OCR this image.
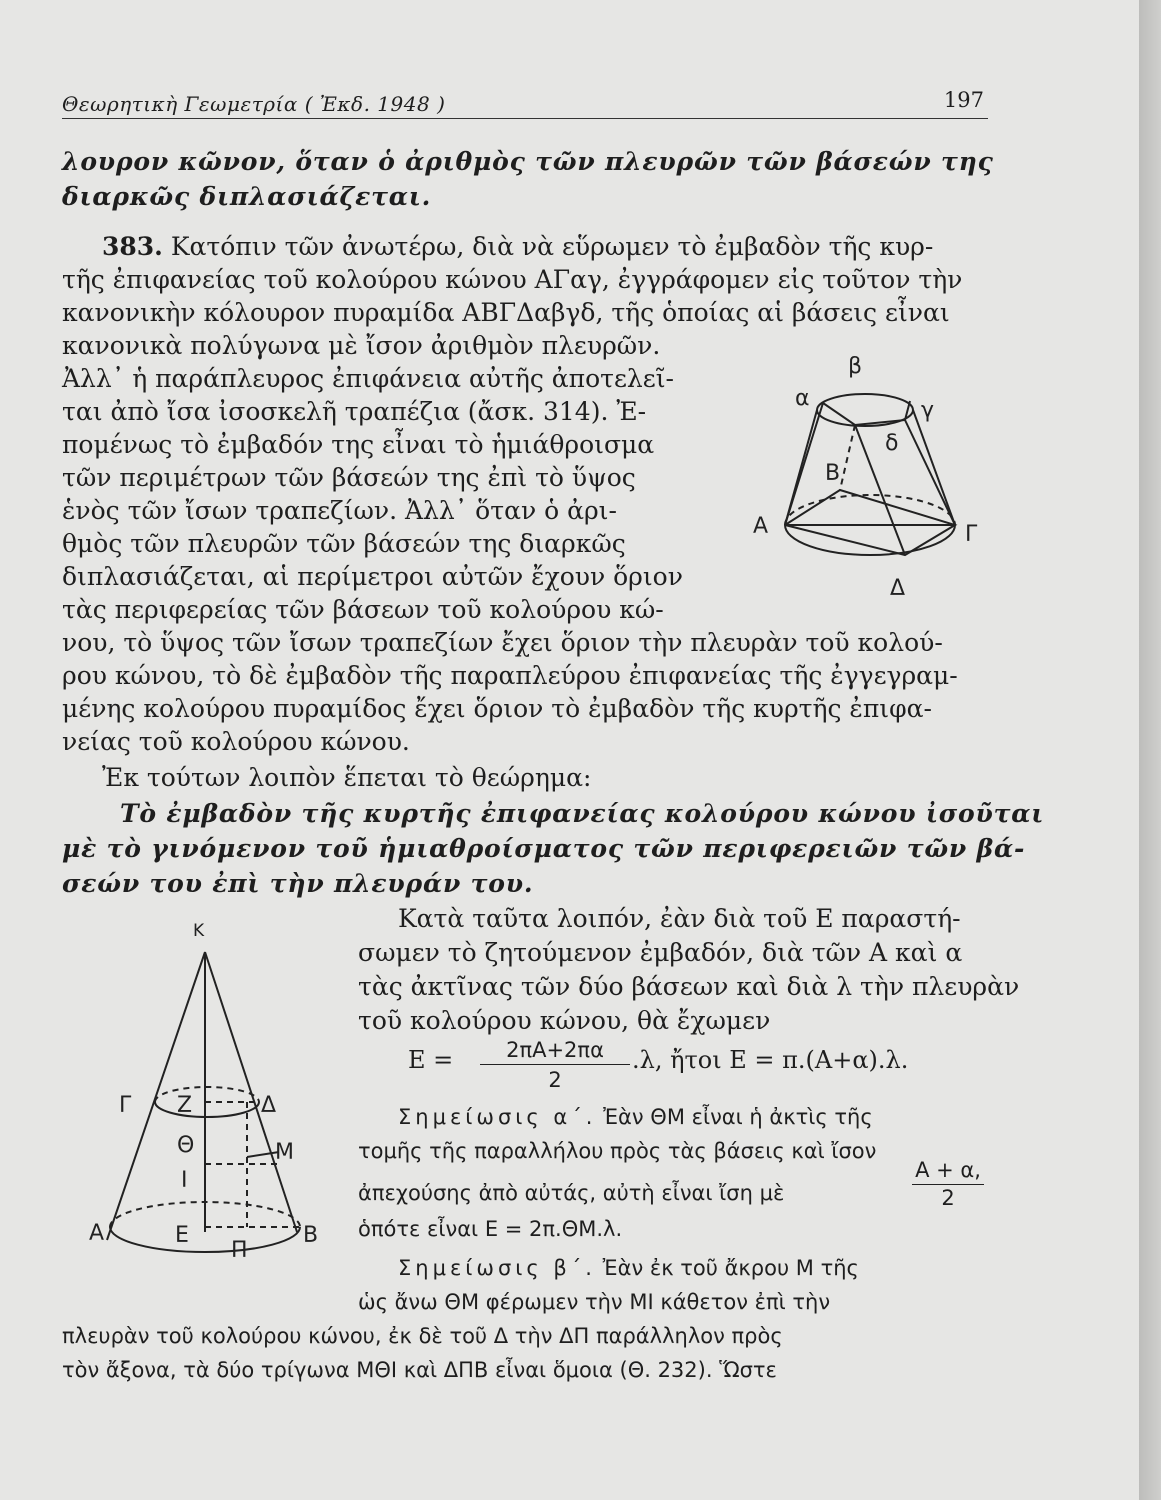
Θεωρητικὴ Γεωμετρία ( Ἐκδ. 1948 )	197
λουρον κῶνον, ὅταν ὁ ἀριθμὸς τῶν πλευρῶν τῶν βάσεών της
διαρκῶς διπλασιάζεται.
383. Κατόπιν τῶν ἀνωτέρω, διὰ νὰ εὕρωμεν τὸ ἐμβαδὸν τῆς κυρ-
τῆς ἐπιφανείας τοῦ κολούρου κώνου ΑΓαγ, ἐγγράφομεν εἰς τοῦτον τὴν
κανονικὴν κόλουρον πυραμίδα ΑΒΓΔαβγδ, τῆς ὁποίας αἱ βάσεις εἶναι
κανονικὰ πολύγωνα μὲ ἴσον ἀριθμὸν πλευρῶν.
Ἀλλ᾽ ἡ παράπλευρος ἐπιφάνεια αὐτῆς ἀποτελεῖ-
ται ἀπὸ ἴσα ἰσοσκελῆ τραπέζια (ἄσκ. 314). Ἐ-
πομένως τὸ ἐμβαδόν της εἶναι τὸ ἡμιάθροισμα
τῶν περιμέτρων τῶν βάσεών της ἐπὶ τὸ ὕψος
ἑνὸς τῶν ἴσων τραπεζίων. Ἀλλ᾽ ὅταν ὁ ἀρι-
θμὸς τῶν πλευρῶν τῶν βάσεών της διαρκῶς
διπλασιάζεται, αἱ περίμετροι αὐτῶν ἔχουν ὅριον
τὰς περιφερείας τῶν βάσεων τοῦ κολούρου κώ-
νου, τὸ ὕψος τῶν ἴσων τραπεζίων ἔχει ὅριον τὴν πλευρὰν τοῦ κολού-
ρου κώνου, τὸ δὲ ἐμβαδὸν τῆς παραπλεύρου ἐπιφανείας τῆς ἐγγεγραμ-
μένης κολούρου πυραμίδος ἔχει ὅριον τὸ ἐμβαδὸν τῆς κυρτῆς ἐπιφα-
νείας τοῦ κολούρου κώνου.
Ἐκ τούτων λοιπὸν ἕπεται τὸ θεώρημα:
Τὸ ἐμβαδὸν τῆς κυρτῆς ἐπιφανείας κολούρου κώνου ἰσοῦται
μὲ τὸ γινόμενον τοῦ ἡμιαθροίσματος τῶν περιφερειῶν τῶν βά-
σεών του ἐπὶ τὴν πλευράν του.
Κατὰ ταῦτα λοιπόν, ἐὰν διὰ τοῦ Ε παραστή-
σωμεν τὸ ζητούμενον ἐμβαδόν, διὰ τῶν Α καὶ α
τὰς ἀκτῖνας τῶν δύο βάσεων καὶ διὰ λ τὴν πλευρὰν
τοῦ κολούρου κώνου, θὰ ἔχωμεν
Ε =	2πΑ+2πα
2
.λ, ἤτοι Ε = π.(Α+α).λ.
Σημείωσις α΄. Ἐὰν ΘΜ εἶναι ἡ ἀκτὶς τῆς
τομῆς τῆς παραλλήλου πρὸς τὰς βάσεις καὶ ἴσον
ἀπεχούσης ἀπὸ αὐτάς, αὐτὴ εἶναι ἴση μὲ
Α + α,
2
ὁπότε εἶναι Ε = 2π.ΘΜ.λ.
Σημείωσις β΄. Ἐὰν ἐκ τοῦ ἄκρου Μ τῆς
ὡς ἄνω ΘΜ φέρωμεν τὴν ΜΙ κάθετον ἐπὶ τὴν
πλευρὰν τοῦ κολούρου κώνου, ἐκ δὲ τοῦ Δ τὴν ΔΠ παράλληλον πρὸς
τὸν ἄξονα, τὰ δύο τρίγωνα ΜΘΙ καὶ ΔΠΒ εἶναι ὅμοια (Θ. 232). Ὥστε
β
α	γ
δ
Β
Α	Γ
Δ
Κ
Γ Ζ	Δ
Θ	Μ
Ι
Α	Ε
Π
Β
